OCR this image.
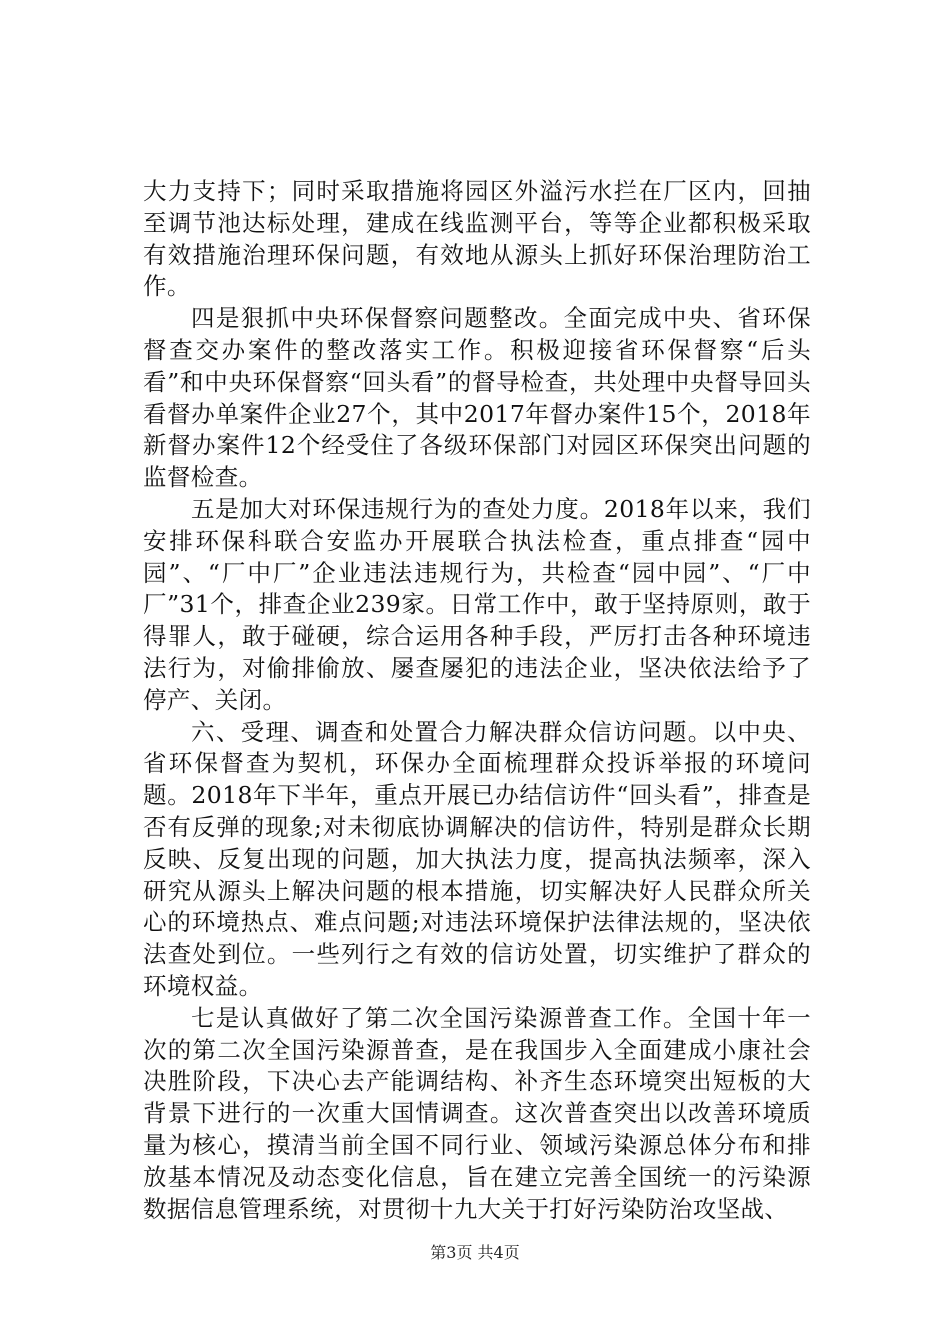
大力支持下；同时采取措施将园区外溢污水拦在厂区内，回抽至调节池达标处理，建成在线监测平台，等等企业都积极采取有效措施治理环保问题，有效地从源头上抓好环保治理防治工作。

四是狠抓中央环保督察问题整改。全面完成中央、省环保督查交办案件的整改落实工作。积极迎接省环保督察“后头看”和中央环保督察“回头看”的督导检查，共处理中央督导回头看督办单案件企业27个，其中2017年督办案件15个，2018年新督办案件12个经受住了各级环保部门对园区环保突出问题的监督检查。

五是加大对环保违规行为的查处力度。2018年以来，我们安排环保科联合安监办开展联合执法检查，重点排查“园中园”、“厂中厂”企业违法违规行为，共检查“园中园”、“厂中厂”31个，排查企业239家。日常工作中，敢于坚持原则，敢于得罪人，敢于碰硬，综合运用各种手段，严厉打击各种环境违法行为，对偷排偷放、屡查屡犯的违法企业，坚决依法给予了停产、关闭。

六、受理、调查和处置合力解决群众信访问题。以中央、省环保督查为契机，环保办全面梳理群众投诉举报的环境问题。2018年下半年，重点开展已办结信访件“回头看”，排查是否有反弹的现象;对未彻底协调解决的信访件，特别是群众长期反映、反复出现的问题，加大执法力度，提高执法频率，深入研究从源头上解决问题的根本措施，切实解决好人民群众所关心的环境热点、难点问题;对违法环境保护法律法规的，坚决依法查处到位。一些列行之有效的信访处置，切实维护了群众的环境权益。

七是认真做好了第二次全国污染源普查工作。全国十年一次的第二次全国污染源普查，是在我国步入全面建成小康社会决胜阶段，下决心去产能调结构、补齐生态环境突出短板的大背景下进行的一次重大国情调查。这次普查突出以改善环境质量为核心，摸清当前全国不同行业、领域污染源总体分布和排放基本情况及动态变化信息，旨在建立完善全国统一的污染源数据信息管理系统，对贯彻十九大关于打好污染防治攻坚战、

第3页 共4页
